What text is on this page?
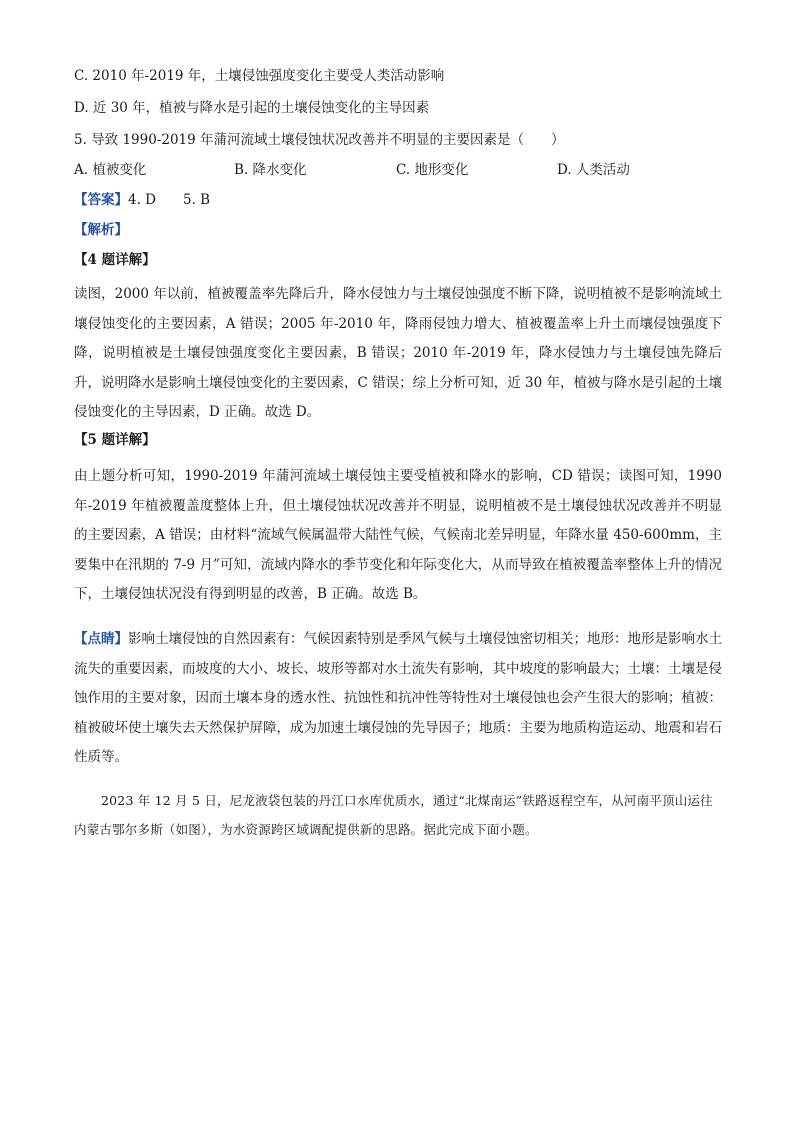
C. 2010 年-2019 年，土壤侵蚀强度变化主要受人类活动影响

D. 近 30 年，植被与降水是引起的土壤侵蚀变化的主导因素

5. 导致 1990-2019 年蒲河流域土壤侵蚀状况改善并不明显的主要因素是（　　）

A. 植被变化	B. 降水变化	C. 地形变化	D. 人类活动

【答案】4. D　　5. B

【解析】

【4 题详解】

读图，2000 年以前，植被覆盖率先降后升，降水侵蚀力与土壤侵蚀强度不断下降，说明植被不是影响流域土壤侵蚀变化的主要因素，A 错误；2005 年-2010 年，降雨侵蚀力增大、植被覆盖率上升土而壤侵蚀强度下降，说明植被是土壤侵蚀强度变化主要因素，B 错误；2010 年-2019 年，降水侵蚀力与土壤侵蚀先降后升，说明降水是影响土壤侵蚀变化的主要因素，C 错误；综上分析可知，近 30 年，植被与降水是引起的土壤侵蚀变化的主导因素，D 正确。故选 D。

【5 题详解】

由上题分析可知，1990-2019 年蒲河流域土壤侵蚀主要受植被和降水的影响，CD 错误；读图可知，1990 年-2019 年植被覆盖度整体上升，但土壤侵蚀状况改善并不明显，说明植被不是土壤侵蚀状况改善并不明显的主要因素，A 错误；由材料“流域气候属温带大陆性气候，气候南北差异明显，年降水量 450-600mm，主要集中在汛期的 7-9 月”可知，流域内降水的季节变化和年际变化大，从而导致在植被覆盖率整体上升的情况下，土壤侵蚀状况没有得到明显的改善，B 正确。故选 B。

【点睛】影响土壤侵蚀的自然因素有：气候因素特别是季风气候与土壤侵蚀密切相关；地形：地形是影响水土流失的重要因素，而坡度的大小、坡长、坡形等都对水土流失有影响，其中坡度的影响最大；土壤：土壤是侵蚀作用的主要对象，因而土壤本身的透水性、抗蚀性和抗冲性等特性对土壤侵蚀也会产生很大的影响；植被：植被破坏使土壤失去天然保护屏障，成为加速土壤侵蚀的先导因子；地质：主要为地质构造运动、地震和岩石性质等。

2023 年 12 月 5 日，尼龙液袋包装的丹江口水库优质水，通过“北煤南运”铁路返程空车，从河南平顶山运往内蒙古鄂尔多斯（如图），为水资源跨区域调配提供新的思路。据此完成下面小题。
